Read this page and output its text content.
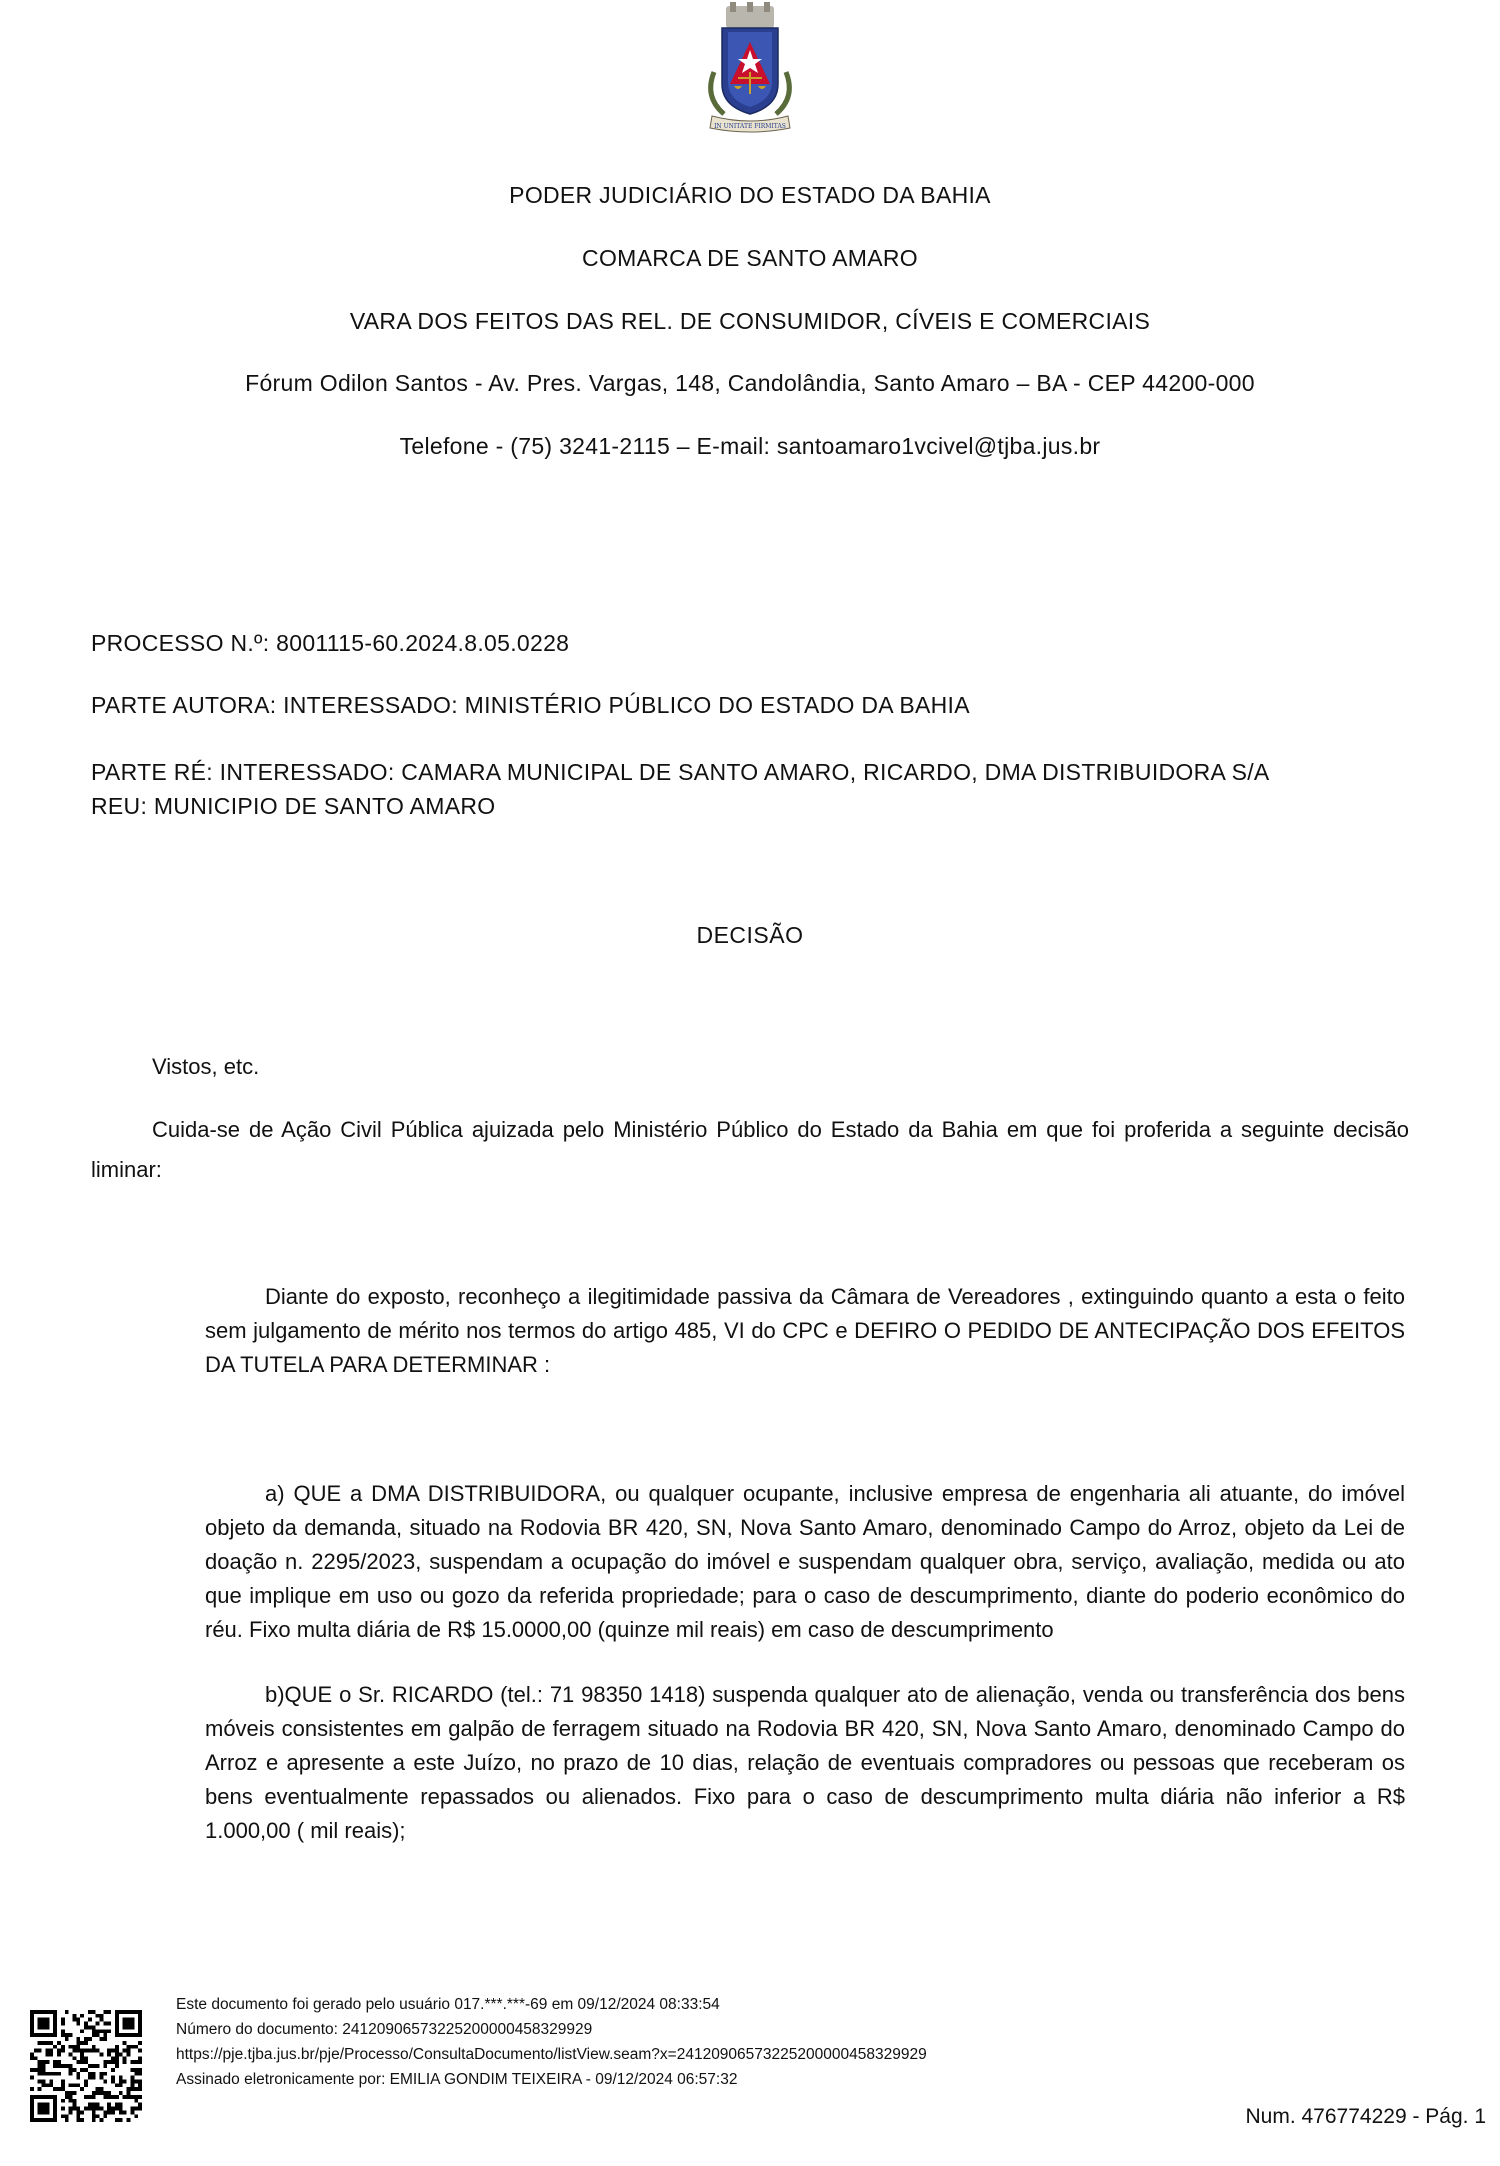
IN UNITATE FIRMITAS
PODER JUDICIÁRIO DO ESTADO DA BAHIA
COMARCA DE SANTO AMARO
VARA DOS FEITOS DAS REL. DE CONSUMIDOR, CÍVEIS E COMERCIAIS
Fórum Odilon Santos - Av. Pres. Vargas, 148, Candolândia, Santo Amaro – BA - CEP 44200-000
Telefone - (75) 3241-2115 – E-mail: santoamaro1vcivel@tjba.jus.br
PROCESSO N.º: 8001115-60.2024.8.05.0228
PARTE AUTORA: INTERESSADO: MINISTÉRIO PÚBLICO DO ESTADO DA BAHIA
PARTE RÉ: INTERESSADO: CAMARA MUNICIPAL DE SANTO AMARO, RICARDO, DMA DISTRIBUIDORA S/A
REU: MUNICIPIO DE SANTO AMARO
DECISÃO
Vistos, etc.
Cuida-se de Ação Civil Pública ajuizada pelo Ministério Público do Estado da Bahia em que foi proferida a seguinte decisão liminar:
Diante do exposto, reconheço a ilegitimidade passiva da Câmara de Vereadores , extinguindo quanto a esta o feito sem julgamento de mérito nos termos do artigo 485, VI do CPC e DEFIRO O PEDIDO DE ANTECIPAÇÃO DOS EFEITOS DA TUTELA PARA DETERMINAR :
a) QUE a DMA DISTRIBUIDORA, ou qualquer ocupante, inclusive empresa de engenharia ali atuante, do imóvel objeto da demanda, situado na Rodovia BR 420, SN, Nova Santo Amaro, denominado Campo do Arroz, objeto da Lei de doação n. 2295/2023, suspendam a ocupação do imóvel e suspendam qualquer obra, serviço, avaliação, medida ou ato que implique em uso ou gozo da referida propriedade; para o caso de descumprimento, diante do poderio econômico do réu. Fixo multa diária de R$ 15.0000,00 (quinze mil reais) em caso de descumprimento
b)QUE o Sr. RICARDO (tel.: 71 98350 1418) suspenda qualquer ato de alienação, venda ou transferência dos bens móveis consistentes em galpão de ferragem situado na Rodovia BR 420, SN, Nova Santo Amaro, denominado Campo do Arroz e apresente a este Juízo, no prazo de 10 dias, relação de eventuais compradores ou pessoas que receberam os bens eventualmente repassados ou alienados. Fixo para o caso de descumprimento multa diária não inferior a R$ 1.000,00 ( mil reais);
Este documento foi gerado pelo usuário 017.***.***-69 em 09/12/2024 08:33:54
Número do documento: 24120906573225200000458329929
https://pje.tjba.jus.br/pje/Processo/ConsultaDocumento/listView.seam?x=24120906573225200000458329929
Assinado eletronicamente por: EMILIA GONDIM TEIXEIRA - 09/12/2024 06:57:32
Num. 476774229 - Pág. 1
